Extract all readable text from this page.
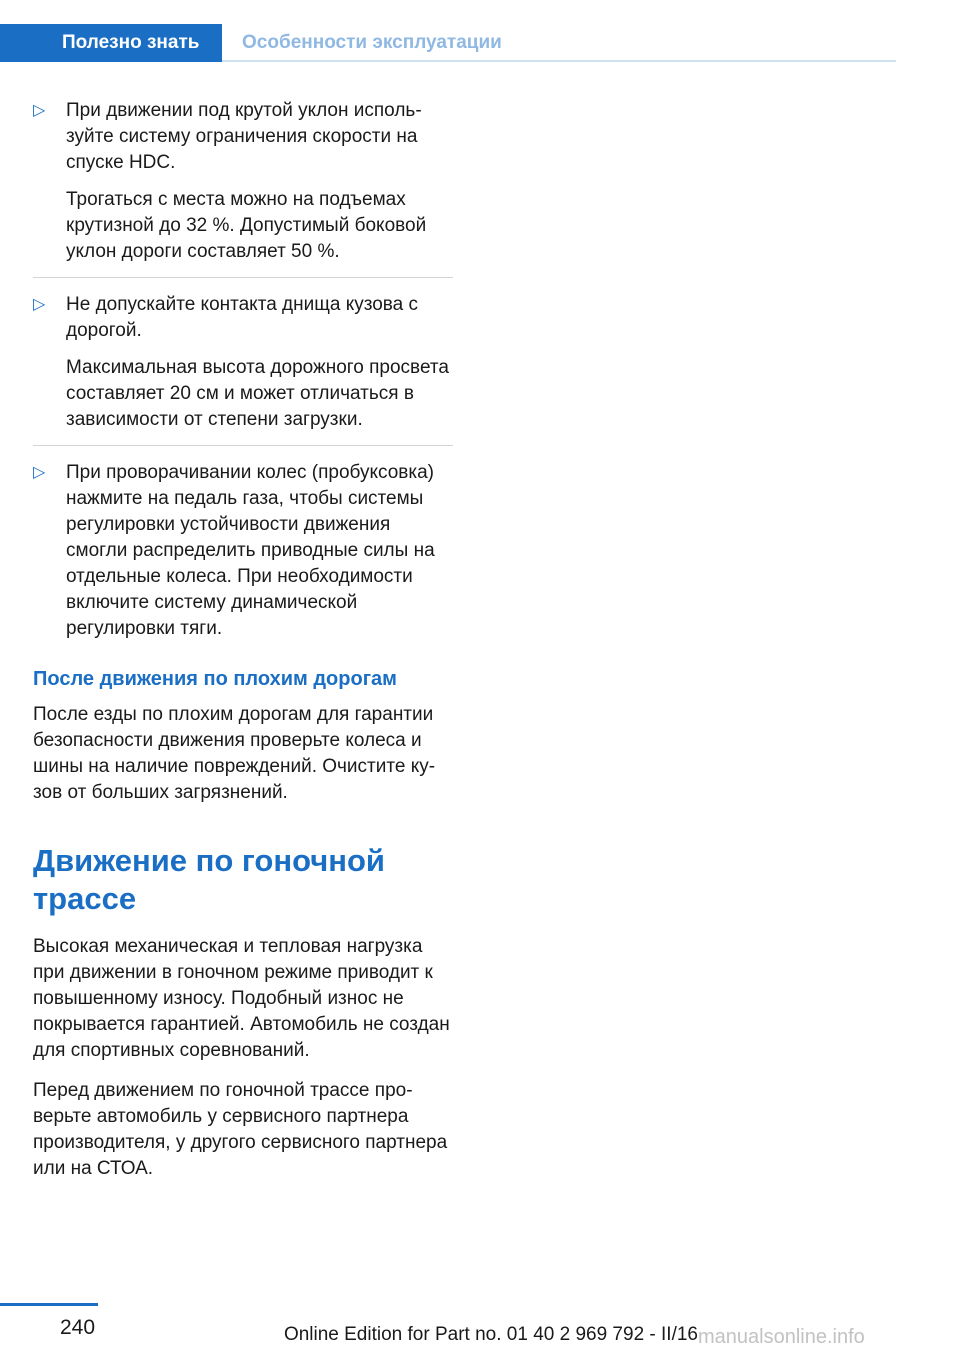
Полезно знать	Особенности эксплуатации
▷ При движении под крутой уклон используйте систему ограничения скорости на спуске HDC.

Трогаться с места можно на подъемах крутизной до 32 %. Допустимый боковой уклон дороги составляет 50 %.

▷ Не допускайте контакта днища кузова с дорогой.

Максимальная высота дорожного просвета составляет 20 см и может отличаться в зависимости от степени загрузки.

▷ При проворачивании колес (пробуксовка) нажмите на педаль газа, чтобы системы регулировки устойчивости движения смогли распределить приводные силы на отдельные колеса. При необходимости включите систему динамической регулировки тяги.

После движения по плохим дорогам

После езды по плохим дорогам для гарантии безопасности движения проверьте колеса и шины на наличие повреждений. Очистите кузов от больших загрязнений.

Движение по гоночной трассе

Высокая механическая и тепловая нагрузка при движении в гоночном режиме приводит к повышенному износу. Подобный износ не покрывается гарантией. Автомобиль не создан для спортивных соревнований.

Перед движением по гоночной трассе проверьте автомобиль у сервисного партнера производителя, у другого сервисного партнера или на СТОА.

240	Online Edition for Part no. 01 40 2 969 792 - II/16 manualsonline.info
